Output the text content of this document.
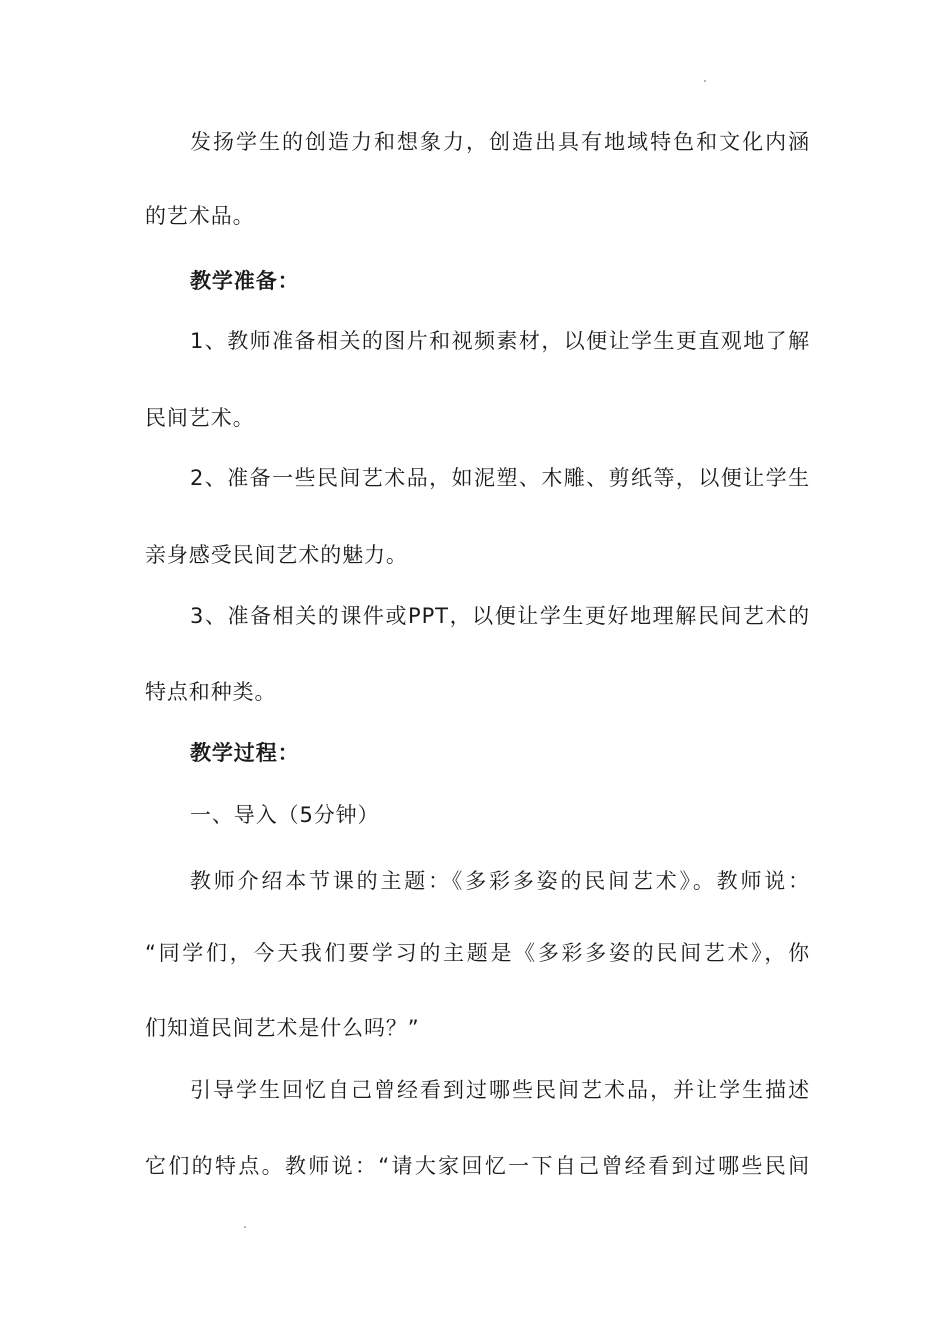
发扬学生的创造力和想象力，创造出具有地域特色和文化内涵
的艺术品。
教学准备：
1、教师准备相关的图片和视频素材，以便让学生更直观地了解
民间艺术。
2、准备一些民间艺术品，如泥塑、木雕、剪纸等，以便让学生
亲身感受民间艺术的魅力。
3、准备相关的课件或PPT，以便让学生更好地理解民间艺术的
特点和种类。
教学过程：
一、导入（5分钟）
教师介绍本节课的主题：《多彩多姿的民间艺术》。教师说：
“同学们，今天我们要学习的主题是《多彩多姿的民间艺术》，你
们知道民间艺术是什么吗？”
引导学生回忆自己曾经看到过哪些民间艺术品，并让学生描述
它们的特点。教师说：“请大家回忆一下自己曾经看到过哪些民间
